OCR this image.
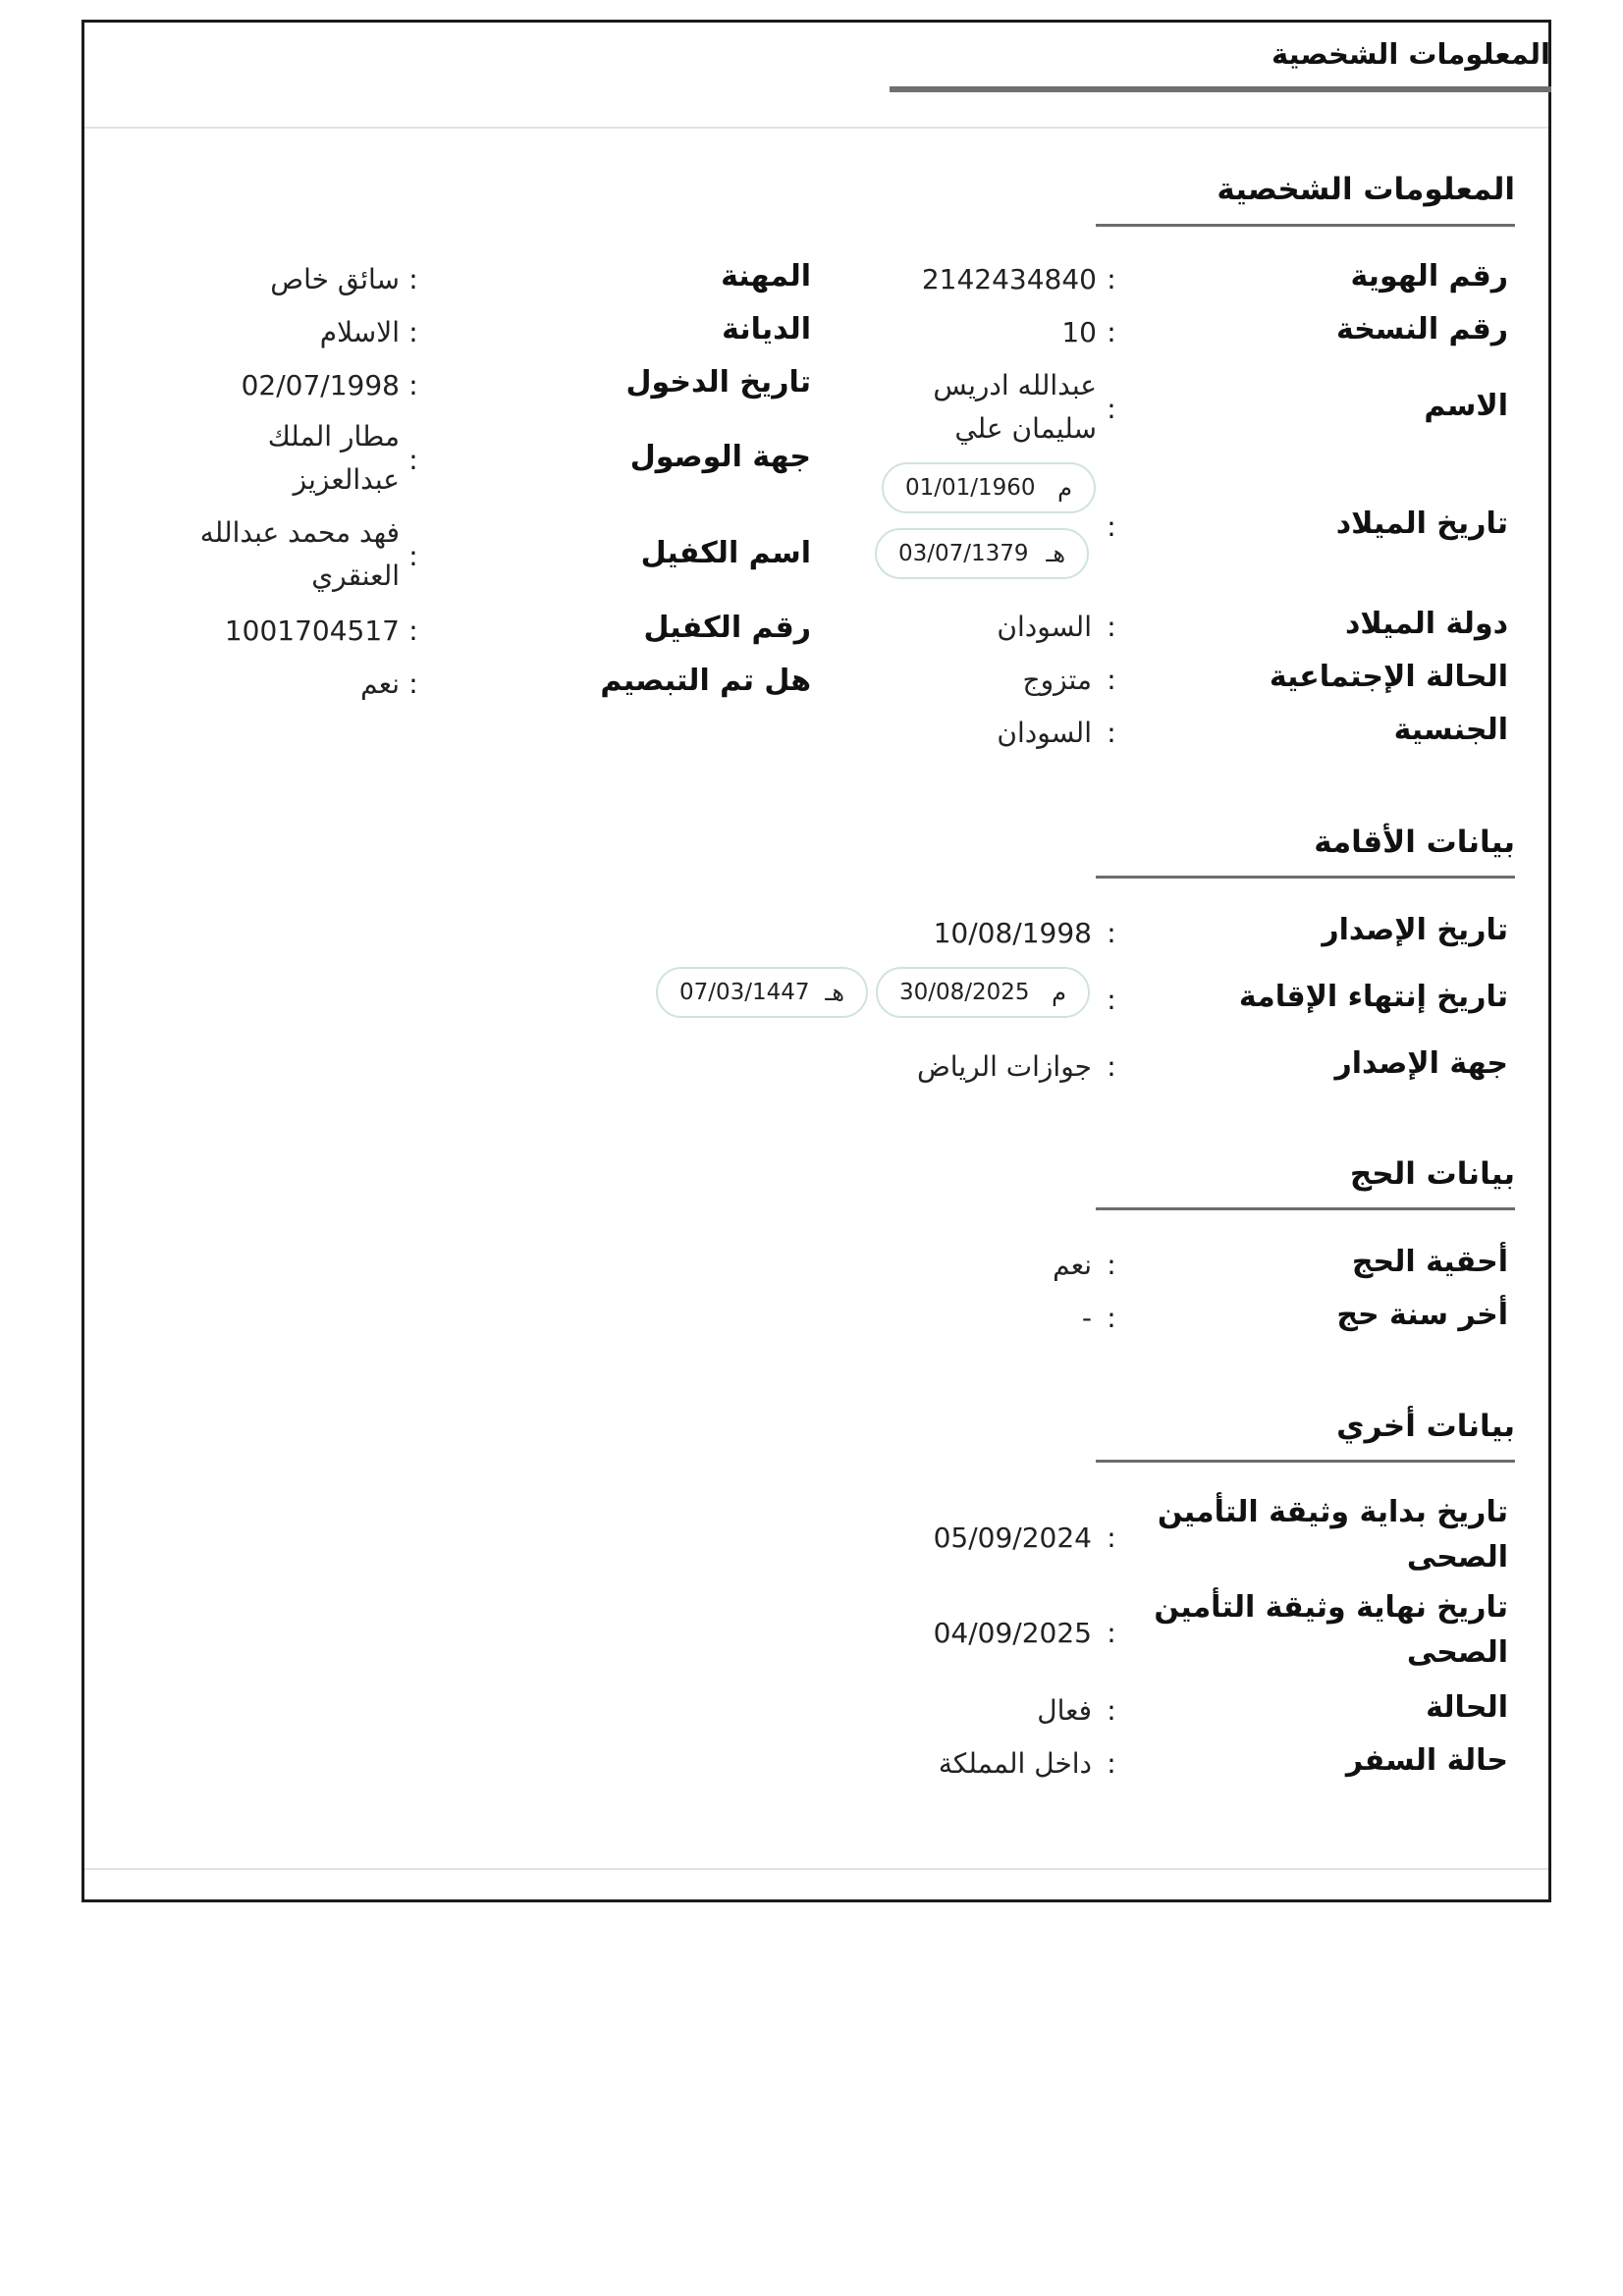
المعلومات الشخصية
المعلومات الشخصية
رقم الهوية
:
2142434840
رقم النسخة
:
10
الاسم
:
عبدالله ادريس
سليمان علي
تاريخ الميلاد
:
م
01/01/1960
هـ
03/07/1379
دولة الميلاد
:
السودان
الحالة الإجتماعية
:
متزوج
الجنسية
:
السودان
المهنة
:
سائق خاص
الديانة
:
الاسلام
تاريخ الدخول
:
02/07/1998
جهة الوصول
:
مطار الملك
عبدالعزيز
اسم الكفيل
:
فهد محمد عبدالله
العنقري
رقم الكفيل
:
1001704517
هل تم التبصيم
:
نعم
بيانات الأقامة
تاريخ الإصدار
:
10/08/1998
تاريخ إنتهاء الإقامة
:
م
30/08/2025
هـ
07/03/1447
جهة الإصدار
:
جوازات الرياض
بيانات الحج
أحقية الحج
:
نعم
أخر سنة حج
:
-
بيانات أخري
تاريخ بداية وثيقة التأمين
الصحى
:
05/09/2024
تاريخ نهاية وثيقة التأمين
الصحى
:
04/09/2025
الحالة
:
فعال
حالة السفر
:
داخل المملكة
